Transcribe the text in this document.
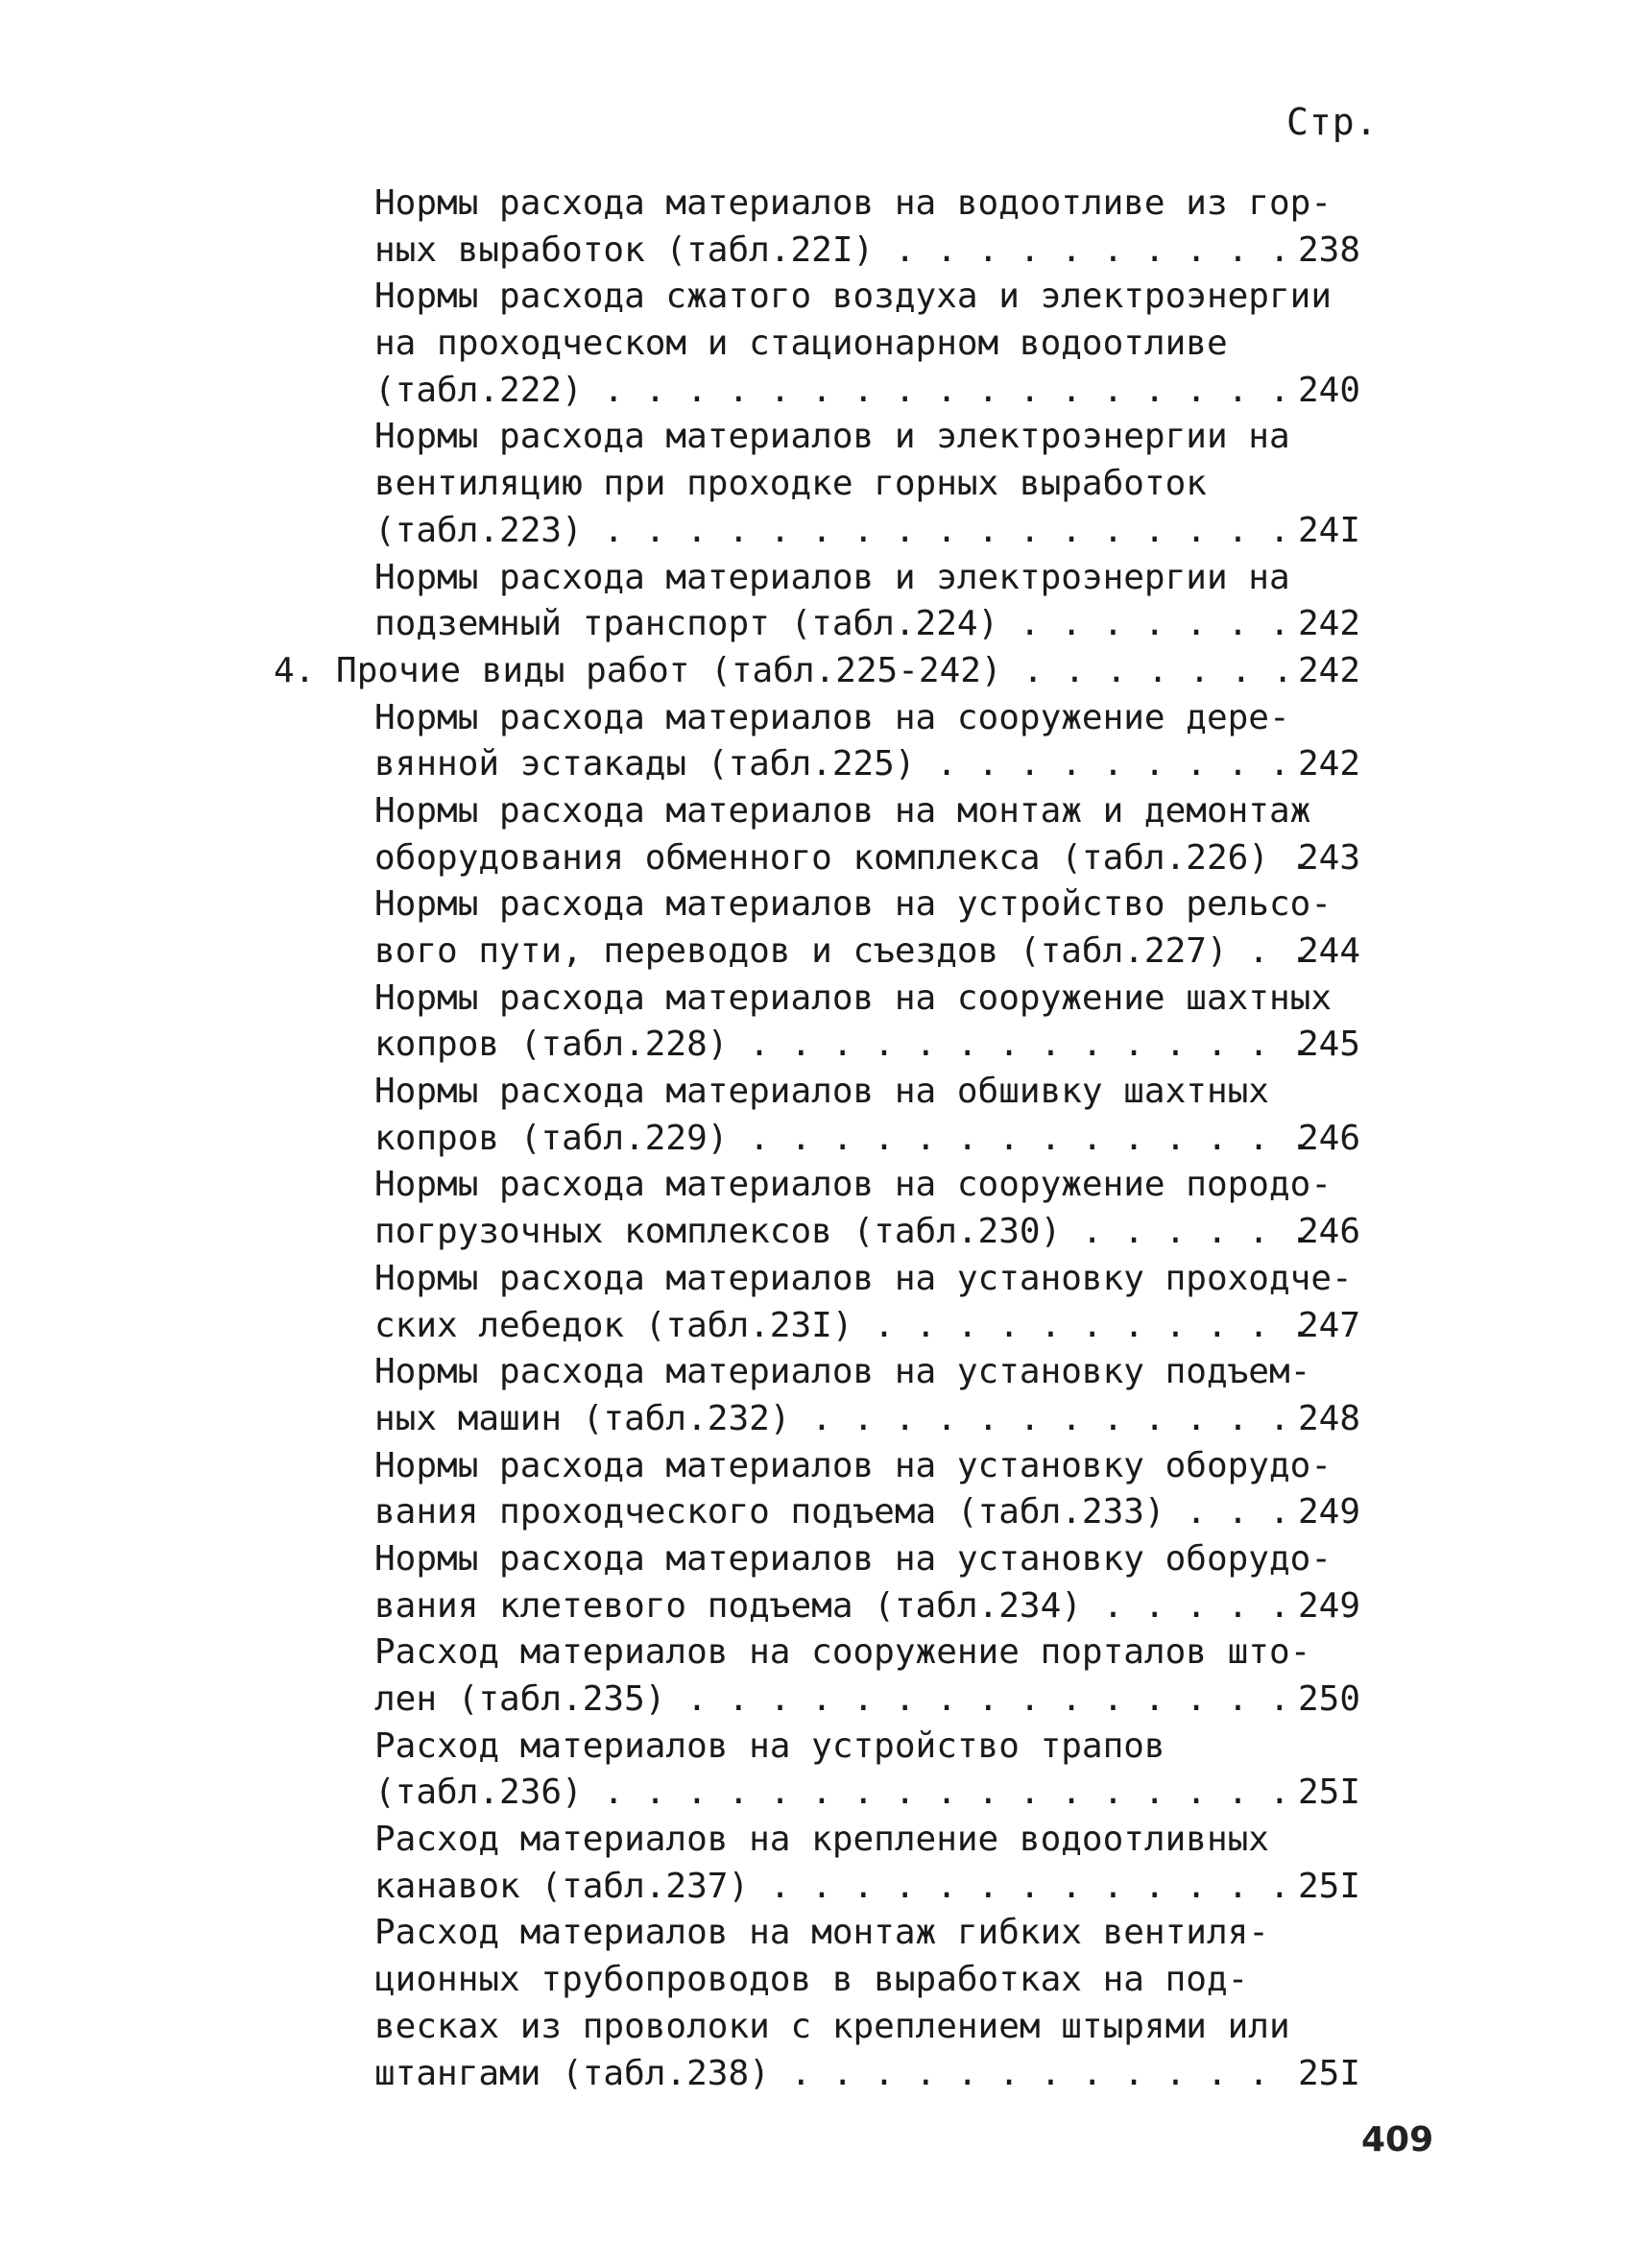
Стр.
Нормы расхода материалов на водоотливе из гор-
ных выработок (табл.22I) . . . . . . . . . . 238
Нормы расхода сжатого воздуха и электроэнергии
на проходческом и стационарном водоотливе
(табл.222) . . . . . . . . . . . . . . . . . 240
Нормы расхода материалов и электроэнергии на
вентиляцию при проходке горных выработок
(табл.223) . . . . . . . . . . . . . . . . . 24I
Нормы расхода материалов и электроэнергии на
подземный транспорт (табл.224) . . . . . . . 242
4. Прочие виды работ (табл.225-242) . . . . . . . 242
Нормы расхода материалов на сооружение дере-
вянной эстакады (табл.225) . . . . . . . . . 242
Нормы расхода материалов на монтаж и демонтаж
оборудования обменного комплекса (табл.226) .
243
Нормы расхода материалов на устройство рельсо-
вого пути, переводов и съездов (табл.227) . .
244
Нормы расхода материалов на сооружение шахтных
копров (табл.228) . . . . . . . . . . . . . .
245
Нормы расхода материалов на обшивку шахтных
копров (табл.229) . . . . . . . . . . . . . .
246
Нормы расхода материалов на сооружение породо-
погрузочных комплексов (табл.230) . . . . . .
246
Нормы расхода материалов на установку проходче-
ских лебедок (табл.23I) . . . . . . . . . . .
247
Нормы расхода материалов на установку подъем-
ных машин (табл.232) . . . . . . . . . . . . 248
Нормы расхода материалов на установку оборудо-
вания проходческого подъема (табл.233) . . . 249
Нормы расхода материалов на установку оборудо-
вания клетевого подъема (табл.234) . . . . . 249
Расход материалов на сооружение порталов што-
лен (табл.235) . . . . . . . . . . . . . . . 250
Расход материалов на устройство трапов
(табл.236) . . . . . . . . . . . . . . . . . 25I
Расход материалов на крепление водоотливных
канавок (табл.237) . . . . . . . . . . . . . 25I
Расход материалов на монтаж гибких вентиля-
ционных трубопроводов в выработках на под-
весках из проволоки с креплением штырями или
штангами (табл.238) . . . . . . . . . . . . 25I
409
